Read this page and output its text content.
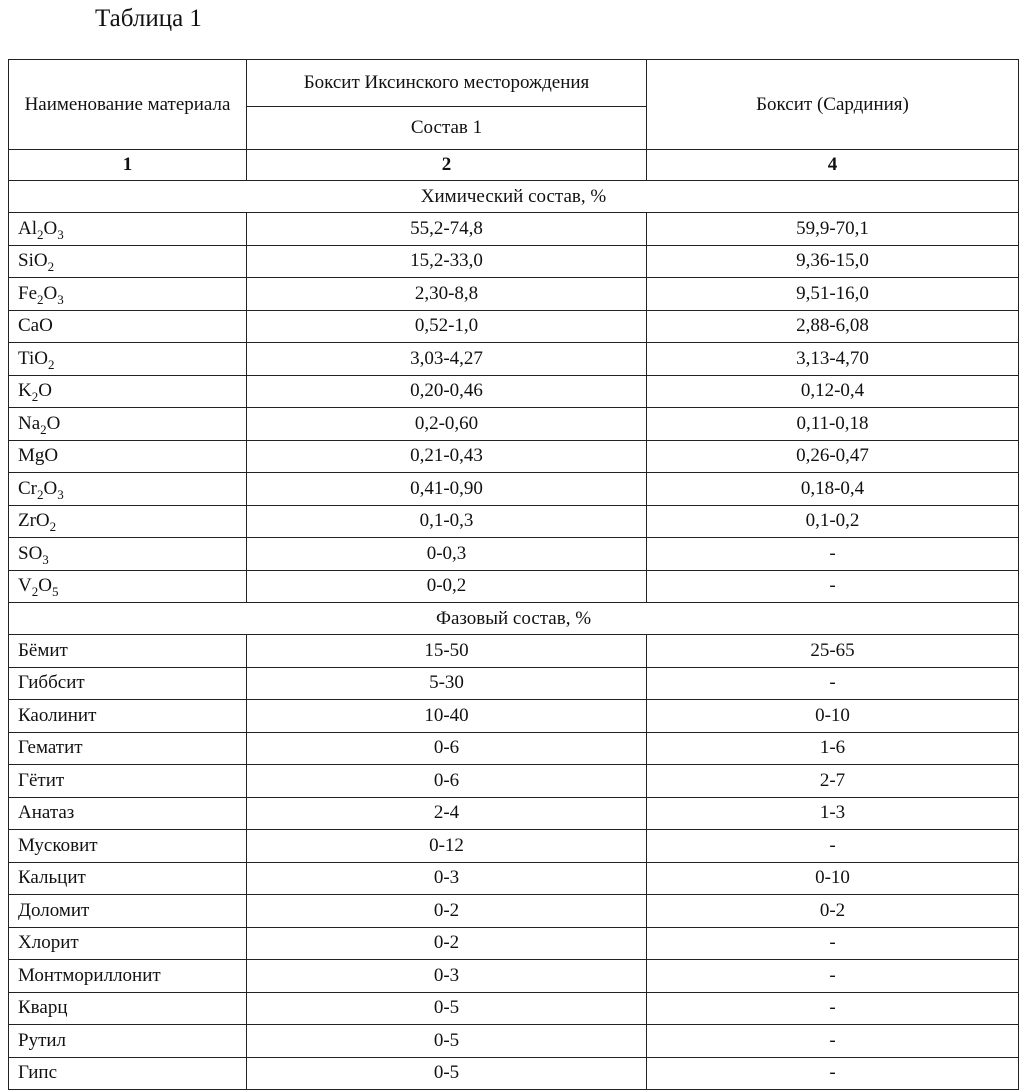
Таблица 1
Наименование материала	Боксит Иксинского месторождения	Боксит (Сардиния)
	Состав 1	
1	2	4
Химический состав, %		
$Al_2O_3$	55,2-74,8	59,9-70,1
SiO$_2$	15,2-33,0	9,36-15,0
$Fe_2O_3$	2,30-8,8	9,51-16,0
CaO	0,52-1,0	2,88-6,08
TiO$_2$	3,03-4,27	3,13-4,70
$K_2O$	0,20-0,46	0,12-0,4
$Na_2O$	0,2-0,60	0,11-0,18
MgO	0,21-0,43	0,26-0,47
$Cr_2O_3$	0,41-0,90	0,18-0,4
ZrO$_2$	0,1-0,3	0,1-0,2
$SO_3$	0-0,3	-
$V_2O_5$	0-0,2	-
Фазовый состав, %		
Бёмит	15-50	25-65
Гиббсит	5-30	-
Каолинит	10-40	0-10
Гематит	0-6	1-6
Гётит	0-6	2-7
Анатаз	2-4	1-3
Мусковит	0-12	-
Кальцит	0-3	0-10
Доломит	0-2	0-2
Хлорит	0-2	-
Монтмориллонит	0-3	-
Кварц	0-5	-
Рутил	0-5	-
Гипс	0-5	-
